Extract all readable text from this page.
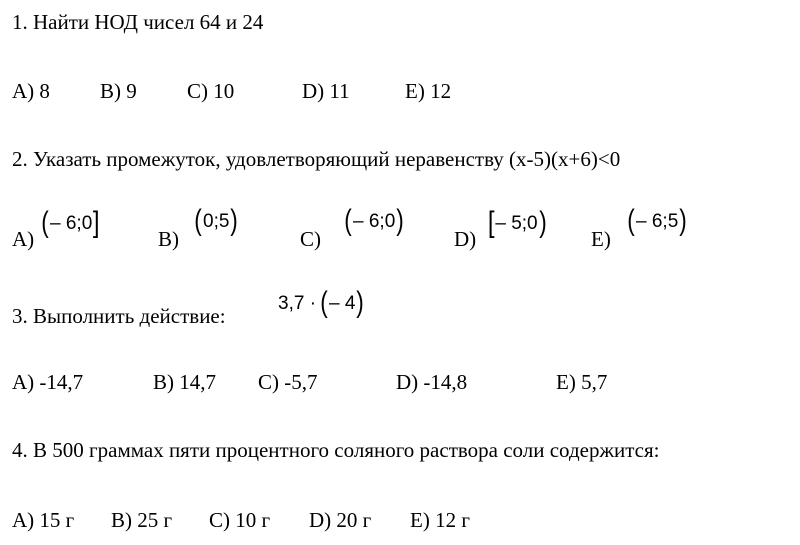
1. Найти НОД чисел 64 и 24
A) 8 B) 9 C) 10	D) 11	E) 12
2. Указать промежуток, удовлетворяющий неравенству (x-5)(x+6)<0
A) (– 6;0]	B)
(0;5)
C)
(– 6;0)
D) [– 5;0) E)
(– 6;5)
3. Выполнить действие:
3,7 · (– 4)
A) -14,7	B) 14,7 C) -5,7	D) -14,8	E) 5,7
4. В 500 граммах пяти процентного соляного раствора соли содержится:
A) 15 г B) 25 г C) 10 г D) 20 г E) 12 г
